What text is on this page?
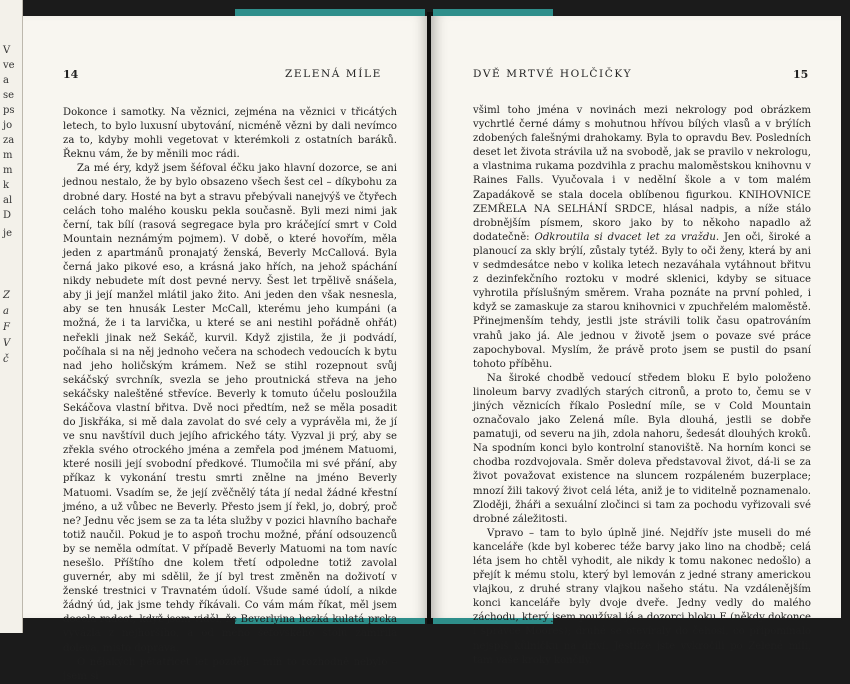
V
ve
a
se
ps
jo
za
m
m
k
al
D
je
Z
a
F
V
č
14	ZELENÁ MÍLE

Dokonce i samotky. Na věznici, zejména na věznici v třicátých letech, to bylo luxusní ubytování, nicméně vězni by dali nevímco za to, kdyby mohli vegetovat v kterémkoli z ostatních baráků. Řeknu vám, že by měnili moc rádi.

Za mé éry, když jsem šéfoval éčku jako hlavní dozorce, se ani jednou nestalo, že by bylo obsazeno všech šest cel – díkybohu za drobné dary. Hosté na byt a stravu přebývali nanejvýš ve čtyřech celách toho malého kousku pekla současně. Byli mezi nimi jak černí, tak bílí (rasová segregace byla pro kráčející smrt v Cold Mountain neznámým pojmem). V době, o které hovořím, měla jeden z apartmánů pronajatý ženská, Beverly McCallová. Byla černá jako pikové eso, a krásná jako hřích, na jehož spáchání nikdy nebudete mít dost pevné nervy. Šest let trpělivě snášela, aby ji její manžel mlátil jako žito. Ani jeden den však nesnesla, aby se ten hnusák Lester McCall, kterému jeho kumpáni (a možná, že i ta larvička, u které se ani nestihl pořádně ohřát) neřekli jinak než Sekáč, kurvil. Když zjistila, že ji podvádí, počíhala si na něj jednoho večera na schodech vedoucích k bytu nad jeho holičským krámem. Než se stihl rozepnout svůj sekáčský svrchník, svezla se jeho proutnická střeva na jeho sekáčsky naleštěné střevíce. Beverly k tomuto účelu posloužila Sekáčova vlastní břitva. Dvě noci předtím, než se měla posadit do Jiskřáka, si mě dala zavolat do své cely a vyprávěla mi, že jí ve snu navštívil duch jejího afrického táty. Vyzval ji prý, aby se zřekla svého otrockého jména a zemřela pod jménem Matuomi, které nosili její svobodní předkové. Tlumočila mi své přání, aby příkaz k vykonání trestu smrti znělne na jméno Beverly Matuomi. Vsadím se, že její zvěčnělý táta jí nedal žádné křestní jméno, a už vůbec ne Beverly. Přesto jsem jí řekl, jo, dobrý, proč ne? Jednu věc jsem se za ta léta služby v pozici hlavního bachaře totiž naučil. Pokud je to aspoň trochu možné, přání odsouzenců by se neměla odmítat. V případě Beverly Matuomi na tom navíc nesešlo. Příštího dne kolem třetí odpoledne totiž zavolal guvernér, aby mi sdělil, že jí byl trest změněn na doživotí v ženské trestnici v Travnatém údolí. Všude samé údolí, a nikde žádný úd, jak jsme tehdy říkávali. Co vám mám říkat, měl jsem docela radost, když jsem viděl, že Beverlyina hezká kulatá prcka vyvázla z nejhoršího, a od mého šéfovského stolu zamířila doleva, místo doprava.

O nějakých pětatřicet let později – míň to rozhodně nebylo – jsem si

DVĚ MRTVÉ HOLČIČKY	15

všiml toho jména v novinách mezi nekrology pod obrázkem vychrtlé černé dámy s mohutnou hřívou bílých vlasů a v brýlích zdobených falešnými drahokamy. Byla to opravdu Bev. Posledních deset let života strávila už na svobodě, jak se pravilo v nekrologu, a vlastnima rukama pozdvihla z prachu maloměstskou knihovnu v Raines Falls. Vyučovala i v nedělní škole a v tom malém Zapadákově se stala docela oblíbenou figurkou. KNIHOVNICE ZEMŘELA NA SELHÁNÍ SRDCE, hlásal nadpis, a níže stálo drobnějším písmem, skoro jako by to někoho napadlo až dodatečně: Odkroutila si dvacet let za vraždu. Jen oči, široké a planoucí za skly brýlí, zůstaly tytéž. Byly to oči ženy, která by ani v sedmdesátce nebo v kolika letech nezaváhala vytáhnout břitvu z dezinfekčního roztoku v modré sklenici, kdyby se situace vyhrotila příslušným směrem. Vraha poznáte na první pohled, i když se zamaskuje za starou knihovnici v zpuchřelém maloměstě. Přinejmenším tehdy, jestli jste strávili tolik času opatrováním vrahů jako já. Ale jednou v životě jsem o povaze své práce zapochyboval. Myslím, že právě proto jsem se pustil do psaní tohoto příběhu.

Na široké chodbě vedoucí středem bloku E bylo položeno linoleum barvy zvadlých starých citronů, a proto to, čemu se v jiných věznicích říkalo Poslední míle, se v Cold Mountain označovalo jako Zelená míle. Byla dlouhá, jestli se dobře pamatuji, od severu na jih, zdola nahoru, šedesát dlouhých kroků. Na spodním konci bylo kontrolní stanoviště. Na horním konci se chodba rozdvojovala. Směr doleva představoval život, dá-li se za život považovat existence na sluncem rozpáleném buzerplace; mnozí žili takový život celá léta, aniž je to viditelně poznamenalo. Zloději, žháři a sexuální zločinci si tam za pochodu vyřizovali své drobné záležitosti.

Vpravo – tam to bylo úplně jiné. Nejdřív jste museli do mé kanceláře (kde byl koberec téže barvy jako lino na chodbě; celá léta jsem ho chtěl vyhodit, ale nikdy k tomu nakonec nedošlo) a přejít k mému stolu, který byl lemován z jedné strany americkou vlajkou, z druhé strany vlajkou našeho státu. Na vzdálenějším konci kanceláře byly dvoje dveře. Jedny vedly do malého záchodu, který jsem používal já a dozorci bloku E (někdy dokonce i správce Moores); druhé se otevíraly do čehosi, co připomínalo nejspíš kůlničku na dříví. Jestliže jste vykročili po Zelené míli, tam vaše kroky končily.
